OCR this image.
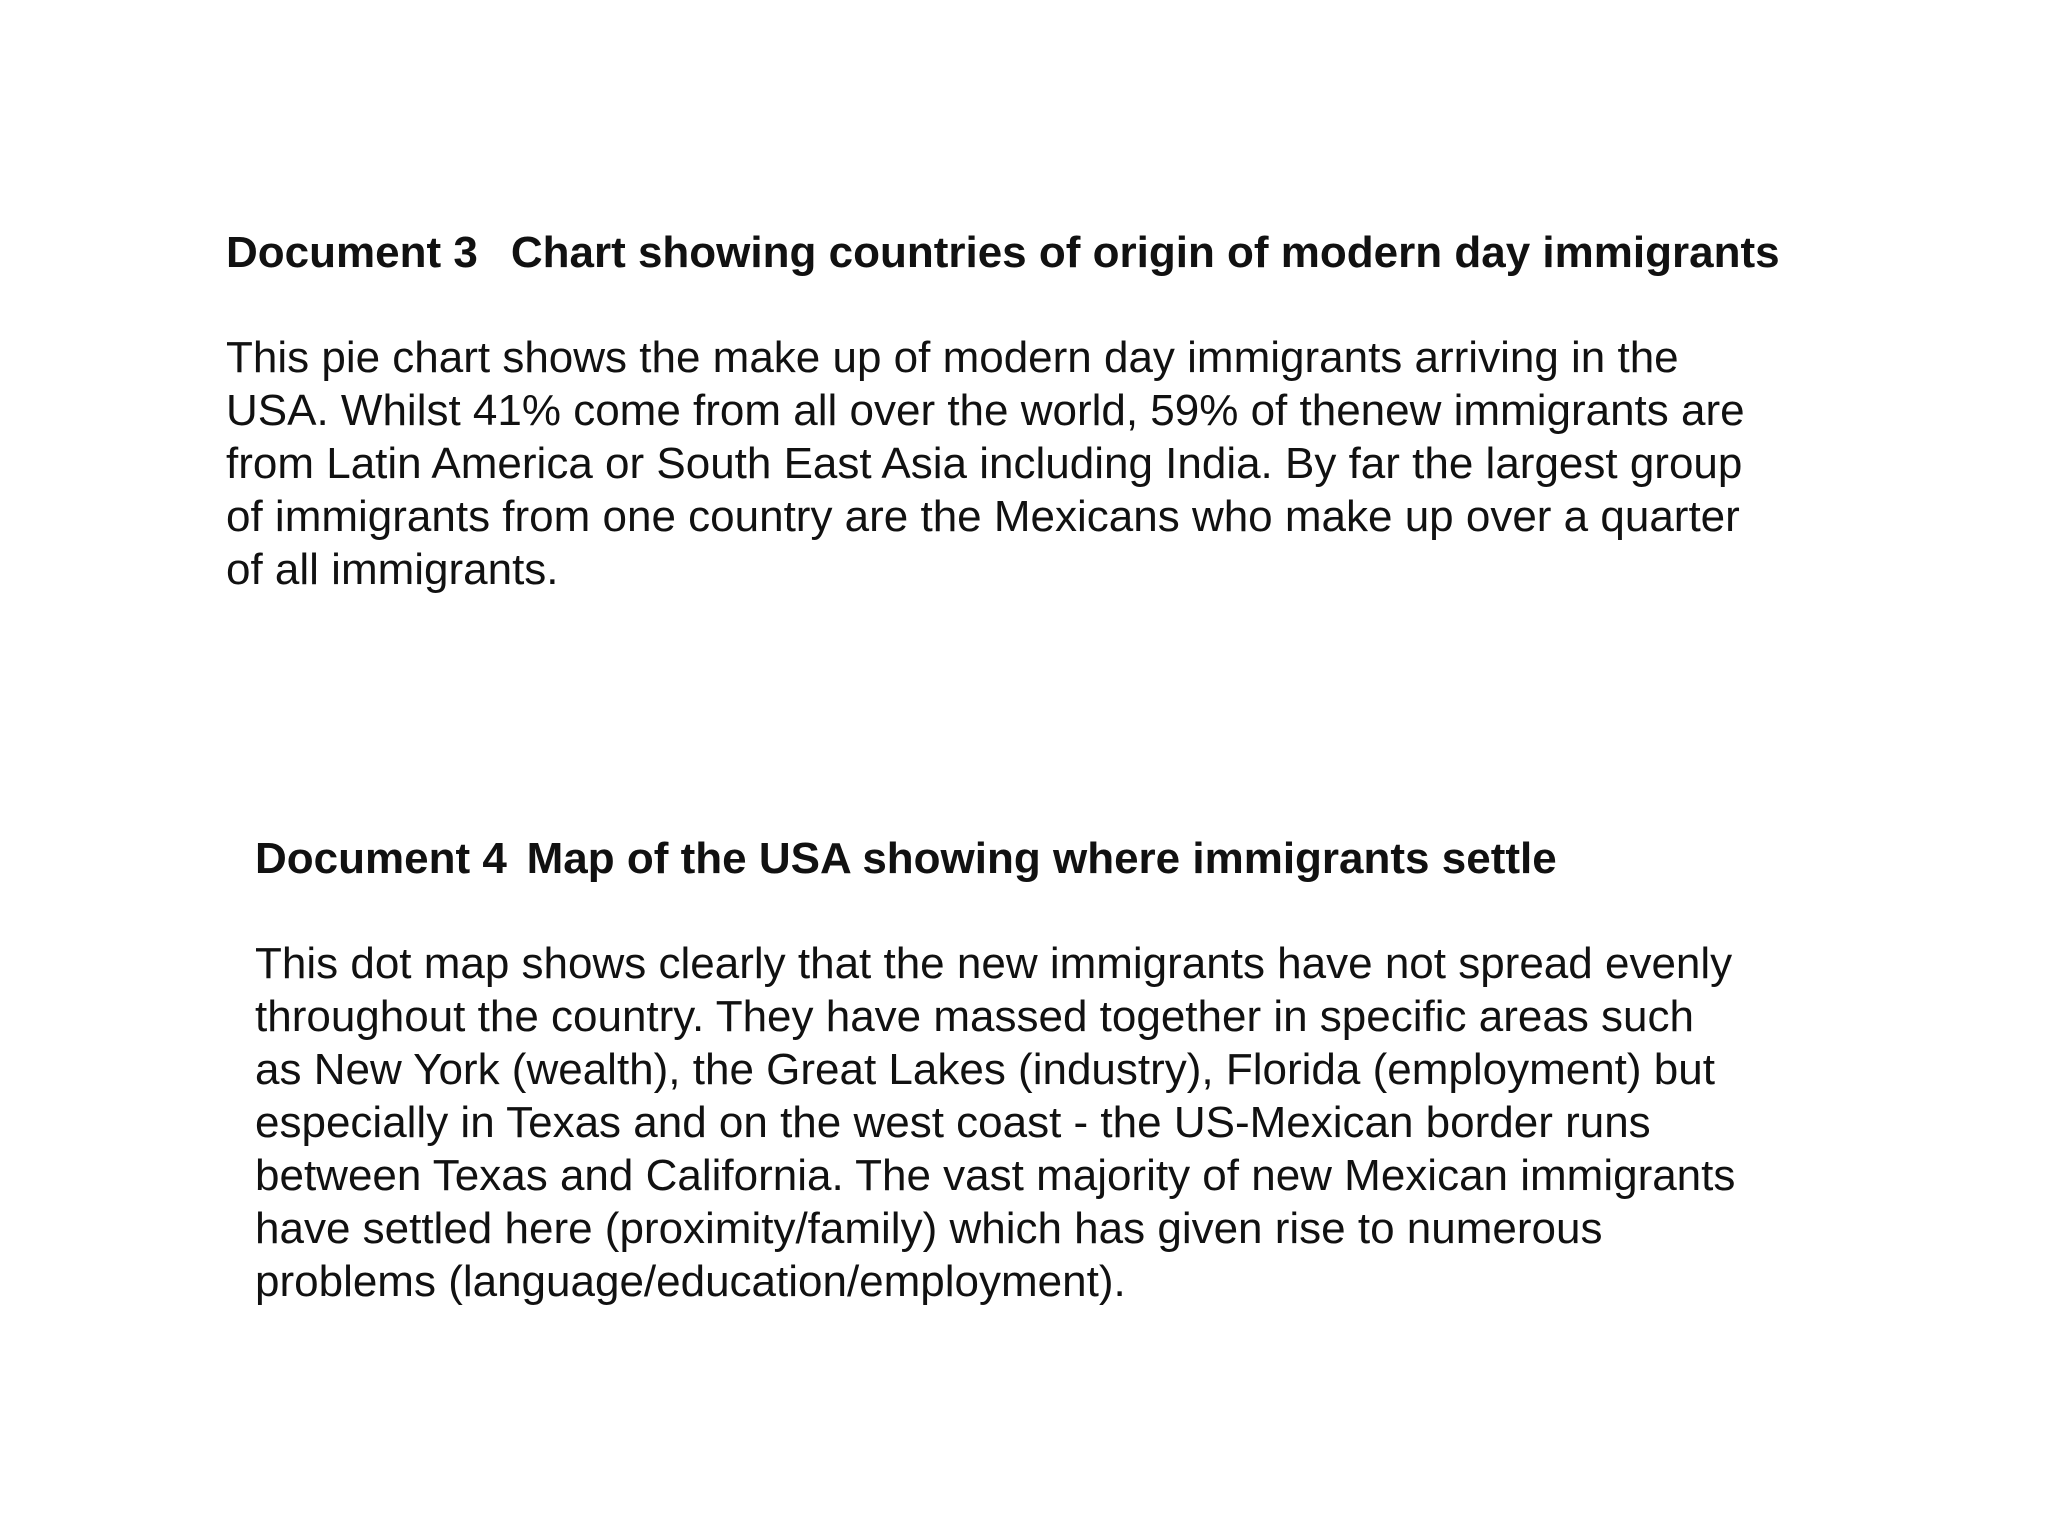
Document 3 Chart showing countries of origin of modern day immigrants

This pie chart shows the make up of modern day immigrants arriving in the
USA. Whilst 41% come from all over the world, 59% of thenew immigrants are
from Latin America or South East Asia including India. By far the largest group
of immigrants from one country are the Mexicans who make up over a quarter
of all immigrants.

Document 4 Map of the USA showing where immigrants settle

This dot map shows clearly that the new immigrants have not spread evenly
throughout the country. They have massed together in specific areas such
as New York (wealth), the Great Lakes (industry), Florida (employment) but
especially in Texas and on the west coast - the US-Mexican border runs
between Texas and California. The vast majority of new Mexican immigrants
have settled here (proximity/family) which has given rise to numerous
problems (language/education/employment).
